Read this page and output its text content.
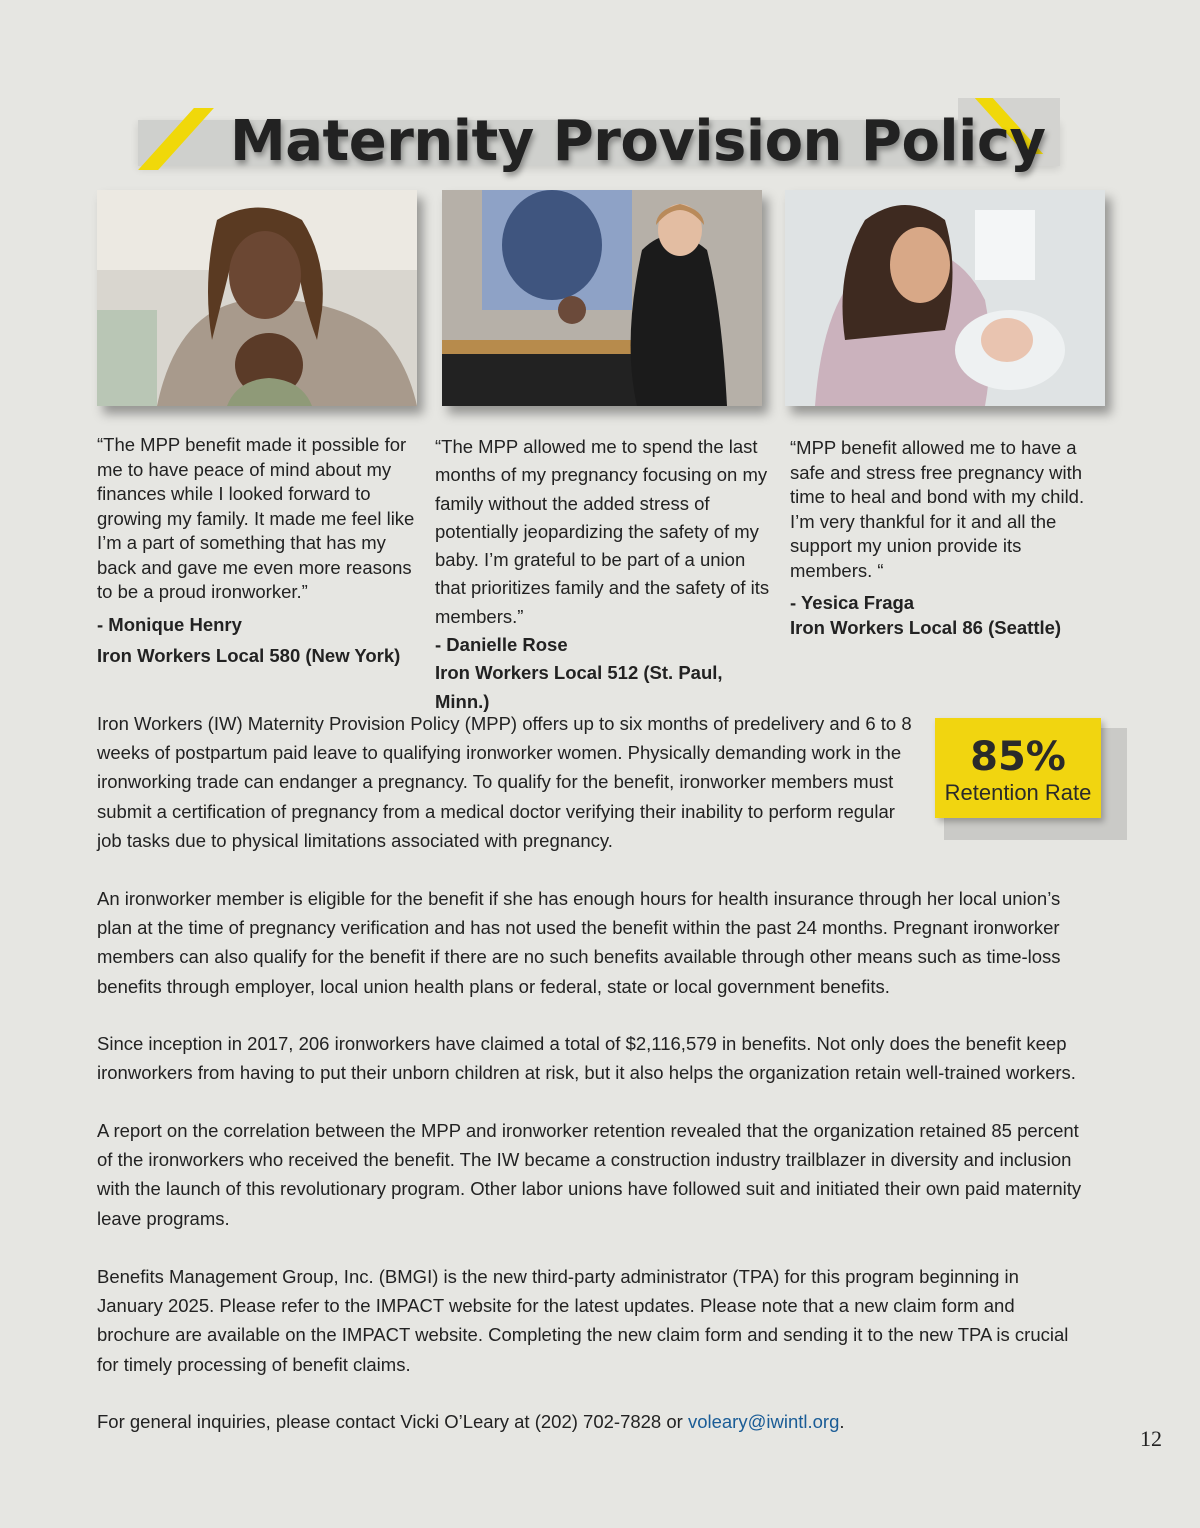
Maternity Provision Policy

“The MPP benefit made it possible for me to have peace of mind about my finances while I looked forward to growing my family. It made me feel like I’m a part of something that has my back and gave me even more reasons to be a proud ironworker.”

- Monique Henry

Iron Workers Local 580 (New York)

“The MPP allowed me to spend the last months of my pregnancy focusing on my family without the added stress of potentially jeopardizing the safety of my baby. I’m grateful to be part of a union that prioritizes family and the safety of its members.”

- Danielle Rose

Iron Workers Local 512 (St. Paul, Minn.)

“MPP benefit allowed me to have a safe and stress free pregnancy with time to heal and bond with my child. I’m very thankful for it and all the support my union provide its members. “

- Yesica Fraga

Iron Workers Local 86 (Seattle)

85%
Retention Rate

Iron Workers (IW) Maternity Provision Policy (MPP) offers up to six months of predelivery and 6 to 8 weeks of postpartum paid leave to qualifying ironworker women. Physically demanding work in the ironworking trade can endanger a pregnancy. To qualify for the benefit, ironworker members must submit a certification of pregnancy from a medical doctor verifying their inability to perform regular job tasks due to physical limitations associated with pregnancy.

An ironworker member is eligible for the benefit if she has enough hours for health insurance through her local union’s plan at the time of pregnancy verification and has not used the benefit within the past 24 months. Pregnant ironworker members can also qualify for the benefit if there are no such benefits available through other means such as time-loss benefits through employer, local union health plans or federal, state or local government benefits.

Since inception in 2017, 206 ironworkers have claimed a total of $2,116,579 in benefits. Not only does the benefit keep ironworkers from having to put their unborn children at risk, but it also helps the organization retain well-trained workers.

A report on the correlation between the MPP and ironworker retention revealed that the organization retained 85 percent of the ironworkers who received the benefit. The IW became a construction industry trailblazer in diversity and inclusion with the launch of this revolutionary program. Other labor unions have followed suit and initiated their own paid maternity leave programs.

Benefits Management Group, Inc. (BMGI) is the new third-party administrator (TPA) for this program beginning in January 2025. Please refer to the IMPACT website for the latest updates. Please note that a new claim form and brochure are available on the IMPACT website. Completing the new claim form and sending it to the new TPA is crucial for timely processing of benefit claims.

For general inquiries, please contact Vicki O’Leary at (202) 702-7828 or voleary@iwintl.org.

12
